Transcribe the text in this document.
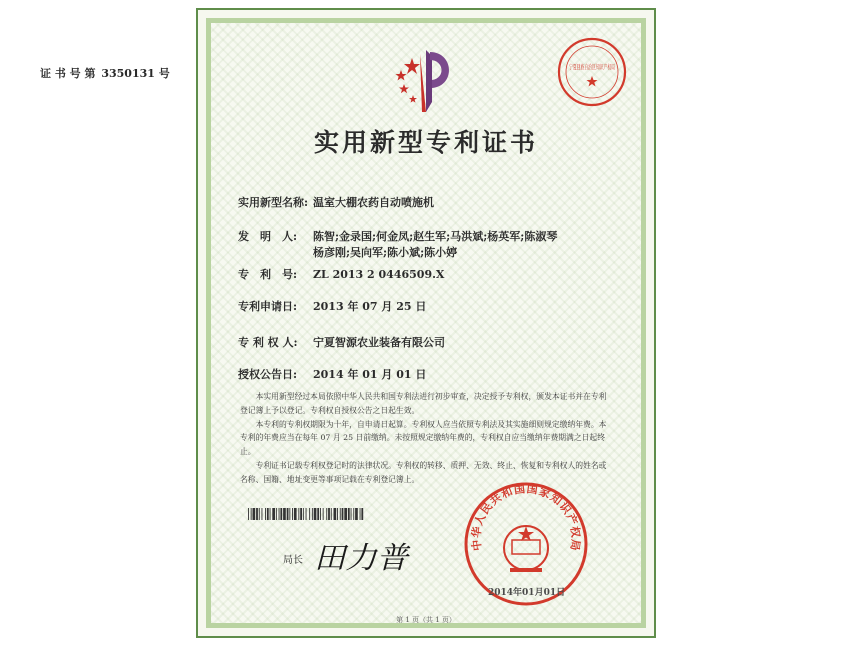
证 书 号 第 3350131 号	宁夏回族自治区知识产权局
实用新型专利证书
实用新型名称: 温室大棚农药自动喷施机
发　明　人: 陈智;金录国;何金凤;赵生军;马洪斌;杨英军;陈淑琴
杨彦刚;吴向军;陈小斌;陈小婷
专　利　号: ZL 2013 2 0446509.X
专利申请日: 2013 年 07 月 25 日
专 利 权 人: 宁夏智源农业装备有限公司
授权公告日: 2014 年 01 月 01 日

本实用新型经过本局依照中华人民共和国专利法进行初步审查，决定授予专利权，颁发本证书并在专利登记簿上予以登记。专利权自授权公告之日起生效。

本专利的专利权期限为十年，自申请日起算。专利权人应当依照专利法及其实施细则规定缴纳年费。本专利的年费应当在每年 07 月 25 日前缴纳。未按照规定缴纳年费的，专利权自应当缴纳年费期满之日起终止。

专利证书记载专利权登记时的法律状况。专利权的转移、质押、无效、终止、恢复和专利权人的姓名或名称、国籍、地址变更等事项记载在专利登记簿上。

局长 田力普	中华人民共和国国家知识产权局
2014年01月01日
第 1 页（共 1 页）
